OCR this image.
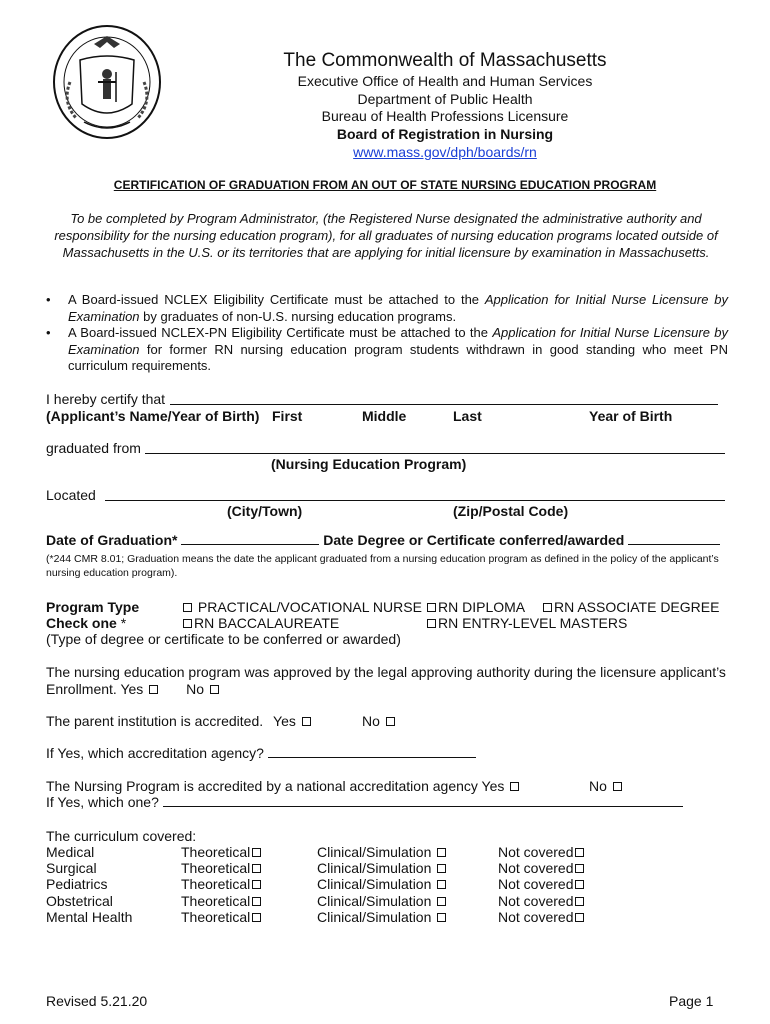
The Commonwealth of Massachusetts
Executive Office of Health and Human Services
Department of Public Health
Bureau of Health Professions Licensure
Board of Registration in Nursing
www.mass.gov/dph/boards/rn
CERTIFICATION OF GRADUATION FROM AN OUT OF STATE NURSING EDUCATION PROGRAM
To be completed by Program Administrator, (the Registered Nurse designated the administrative authority and responsibility for the nursing education program), for all graduates of nursing education programs located outside of Massachusetts in the U.S. or its territories that are applying for initial licensure by examination in Massachusetts.
• A Board-issued NCLEX Eligibility Certificate must be attached to the Application for Initial Nurse Licensure by Examination by graduates of non-U.S. nursing education programs.
• A Board-issued NCLEX-PN Eligibility Certificate must be attached to the Application for Initial Nurse Licensure by Examination for former RN nursing education program students withdrawn in good standing who meet PN curriculum requirements.
I hereby certify that
(Applicant’s Name/Year of Birth) First	Middle	Last	Year of Birth
graduated from
(Nursing Education Program)
Located
(City/Town)	(Zip/Postal Code)
Date of Graduation*	Date Degree or Certificate conferred/awarded
(*244 CMR 8.01; Graduation means the date the applicant graduated from a nursing education program as defined in the policy of the applicant’s nursing education program).
Program Type
Check one *
PRACTICAL/VOCATIONAL NURSE	RN DIPLOMA	RN ASSOCIATE DEGREE
RN BACCALAUREATE	RN ENTRY-LEVEL MASTERS
(Type of degree or certificate to be conferred or awarded)
The nursing education program was approved by the legal approving authority during the licensure applicant’s Enrollment. Yes	No
The parent institution is accredited. Yes	No
If Yes, which accreditation agency?
The Nursing Program is accredited by a national accreditation agency Yes	No
If Yes, which one?
The curriculum covered:
Medical	Theoretical	Clinical/Simulation	Not covered
Surgical	Theoretical	Clinical/Simulation	Not covered
Pediatrics	Theoretical	Clinical/Simulation	Not covered
Obstetrical	Theoretical	Clinical/Simulation	Not covered
Mental Health	Theoretical	Clinical/Simulation	Not covered
Revised 5.21.20	Page 1
